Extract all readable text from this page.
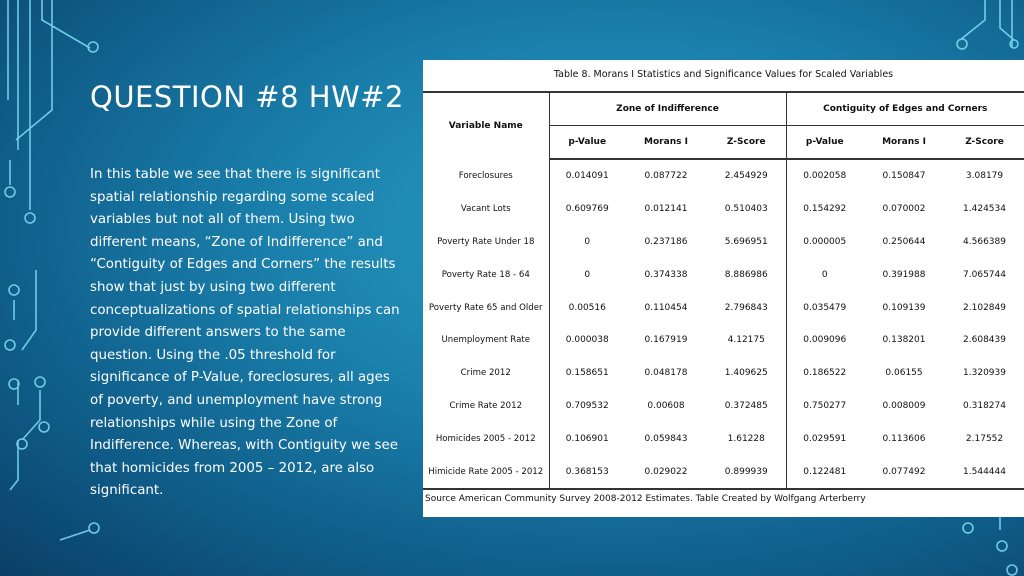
QUESTION #8 HW#2

In this table we see that there is significant spatial relationship regarding some scaled variables but not all of them. Using two different means, “Zone of Indifference” and “Contiguity of Edges and Corners” the results show that just by using two different conceptualizations of spatial relationships can provide different answers to the same question. Using the .05 threshold for significance of P-Value, foreclosures, all ages of poverty, and unemployment have strong relationships while using the Zone of Indifference. Whereas, with Contiguity we see that homicides from 2005 – 2012, are also significant.

Table 8. Morans I Statistics and Significance Values for Scaled Variables

Variable Name	Zone of Indifference			Contiguity of Edges and Corners		
	p-Value	Morans I	Z-Score	p-Value	Morans I	Z-Score
Foreclosures	0.014091	0.087722	2.454929	0.002058	0.150847	3.08179
Vacant Lots	0.609769	0.012141	0.510403	0.154292	0.070002	1.424534
Poverty Rate Under 18	0	0.237186	5.696951	0.000005	0.250644	4.566389
Poverty Rate 18 - 64	0	0.374338	8.886986	0	0.391988	7.065744
Poverty Rate 65 and Older	0.00516	0.110454	2.796843	0.035479	0.109139	2.102849
Unemployment Rate	0.000038	0.167919	4.12175	0.009096	0.138201	2.608439
Crime 2012	0.158651	0.048178	1.409625	0.186522	0.06155	1.320939
Crime Rate 2012	0.709532	0.00608	0.372485	0.750277	0.008009	0.318274
Homicides 2005 - 2012	0.106901	0.059843	1.61228	0.029591	0.113606	2.17552
Himicide Rate 2005 - 2012	0.368153	0.029022	0.899939	0.122481	0.077492	1.544444

Source American Community Survey 2008-2012 Estimates. Table Created by Wolfgang Arterberry
